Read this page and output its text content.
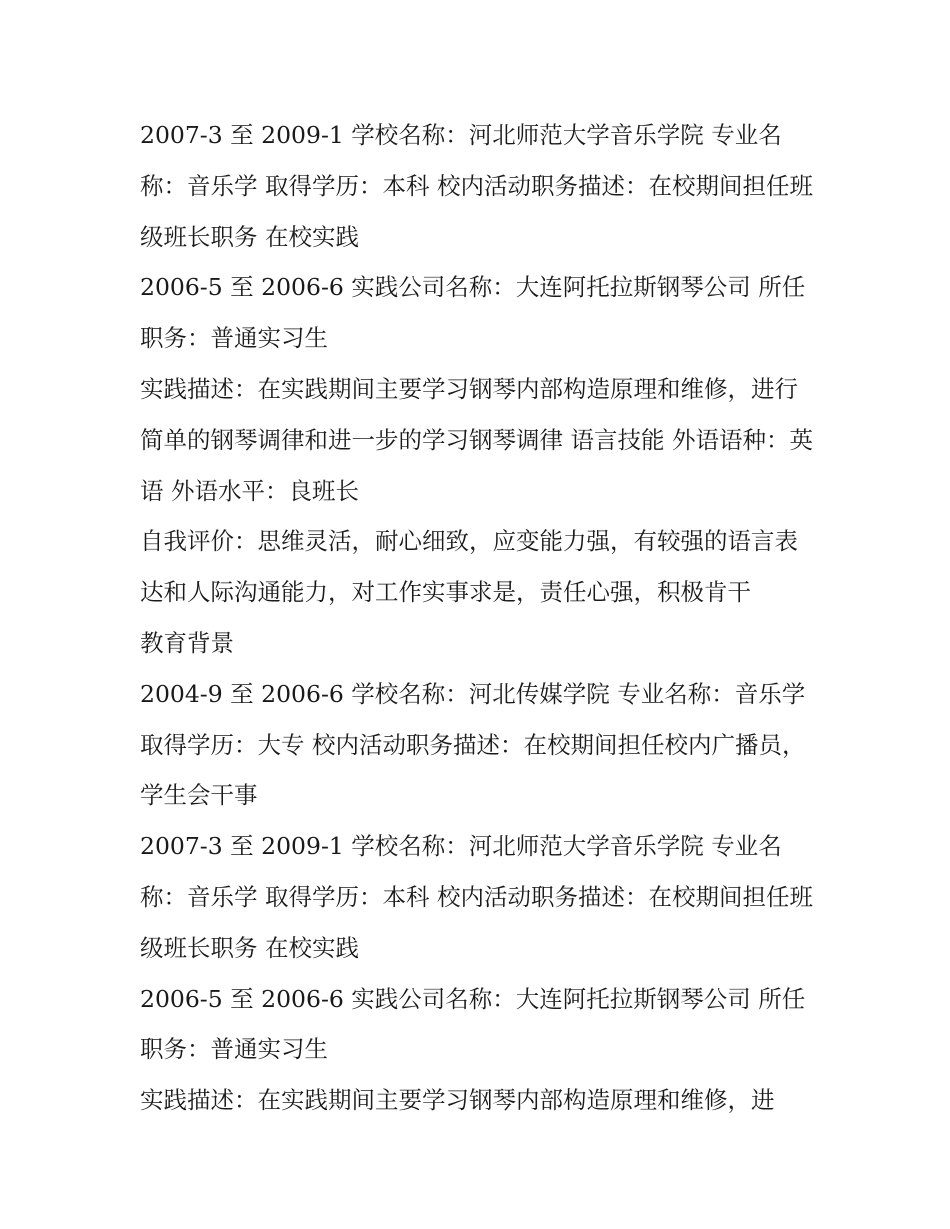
2007-3 至 2009-1 学校名称：河北师范大学音乐学院 专业名称：音乐学 取得学历：本科 校内活动职务描述：在校期间担任班级班长职务 在校实践

2006-5 至 2006-6 实践公司名称：大连阿托拉斯钢琴公司 所任职务：普通实习生

实践描述：在实践期间主要学习钢琴内部构造原理和维修，进行简单的钢琴调律和进一步的学习钢琴调律 语言技能 外语语种：英语 外语水平：良班长

自我评价：思维灵活，耐心细致，应变能力强，有较强的语言表达和人际沟通能力，对工作实事求是，责任心强，积极肯干

教育背景

2004-9 至 2006-6 学校名称：河北传媒学院 专业名称：音乐学 取得学历：大专 校内活动职务描述：在校期间担任校内广播员，学生会干事

2007-3 至 2009-1 学校名称：河北师范大学音乐学院 专业名称：音乐学 取得学历：本科 校内活动职务描述：在校期间担任班级班长职务 在校实践

2006-5 至 2006-6 实践公司名称：大连阿托拉斯钢琴公司 所任职务：普通实习生

实践描述：在实践期间主要学习钢琴内部构造原理和维修，进
